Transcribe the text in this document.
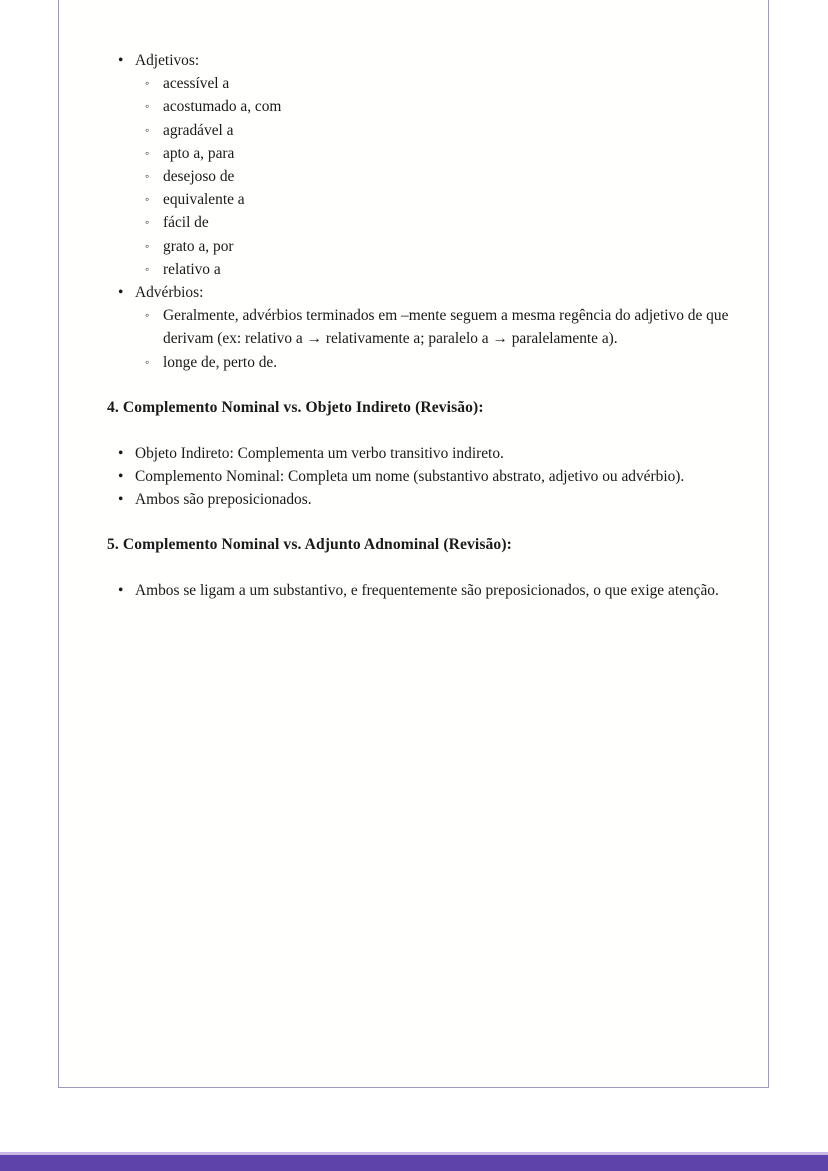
•
Adjetivos:
◦
acessível a
◦
acostumado a, com
◦
agradável a
◦
apto a, para
◦
desejoso de
◦
equivalente a
◦
fácil de
◦
grato a, por
◦
relativo a
•
Advérbios:
◦
Geralmente, advérbios terminados em –mente seguem a mesma regência do adjetivo de que derivam (ex: relativo a → relativamente a; paralelo a → paralelamente a).
◦
longe de, perto de.
4. Complemento Nominal vs. Objeto Indireto (Revisão):
•
Objeto Indireto: Complementa um verbo transitivo indireto.
•
Complemento Nominal: Completa um nome (substantivo abstrato, adjetivo ou advérbio).
•
Ambos são preposicionados.
5. Complemento Nominal vs. Adjunto Adnominal (Revisão):
•
Ambos se ligam a um substantivo, e frequentemente são preposicionados, o que exige atenção.
